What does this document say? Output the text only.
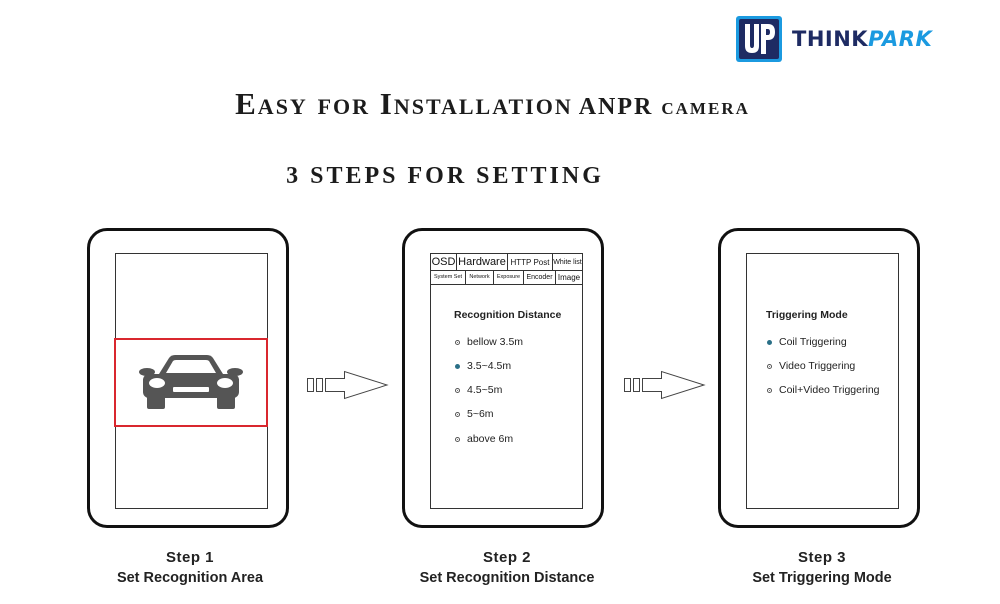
THINKPARK
Easy for Installation ANPR camera
3 STEPS FOR SETTING
OSD Hardware HTTP Post White list
System Set	Network	Exposure Encoder Image
Recognition Distance
bellow 3.5m
3.5~4.5m
4.5~5m
5~6m
above 6m
Triggering Mode
Coil Triggering
Video Triggering
Coil+Video Triggering
Step 1
Set Recognition Area
Step 2
Set Recognition Distance
Step 3
Set Triggering Mode
